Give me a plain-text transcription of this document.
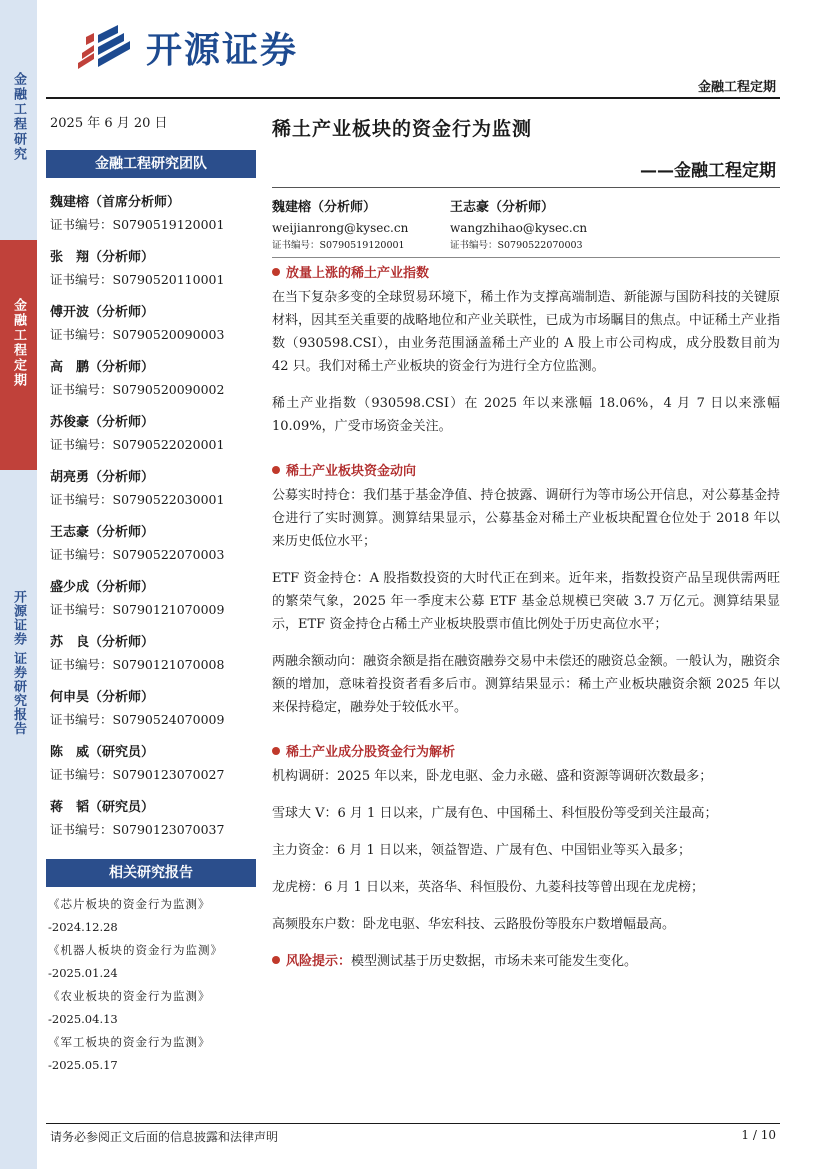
金融工程研究
金融工程定期
开源证券 证券研究报告
开源证券
金融工程定期
2025 年 6 月 20 日
金融工程研究团队
魏建榕（首席分析师）
证书编号：S0790519120001
张　翔（分析师）
证书编号：S0790520110001
傅开波（分析师）
证书编号：S0790520090003
高　鹏（分析师）
证书编号：S0790520090002
苏俊豪（分析师）
证书编号：S0790522020001
胡亮勇（分析师）
证书编号：S0790522030001
王志豪（分析师）
证书编号：S0790522070003
盛少成（分析师）
证书编号：S0790121070009
苏　良（分析师）
证书编号：S0790121070008
何申昊（分析师）
证书编号：S0790524070009
陈　威（研究员）
证书编号：S0790123070027
蒋　韬（研究员）
证书编号：S0790123070037
相关研究报告
《芯片板块的资金行为监测》
-2024.12.28
《机器人板块的资金行为监测》
-2025.01.24
《农业板块的资金行为监测》
-2025.04.13
《军工板块的资金行为监测》
-2025.05.17
稀土产业板块的资金行为监测
——金融工程定期
魏建榕（分析师）
weijianrong@kysec.cn
证书编号：S0790519120001
王志豪（分析师）
wangzhihao@kysec.cn
证书编号：S0790522070003
放量上涨的稀土产业指数

在当下复杂多变的全球贸易环境下，稀土作为支撑高端制造、新能源与国防科技的关键原材料，因其至关重要的战略地位和产业关联性，已成为市场瞩目的焦点。中证稀土产业指数（930598.CSI），由业务范围涵盖稀土产业的 A 股上市公司构成，成分股数目前为 42 只。我们对稀土产业板块的资金行为进行全方位监测。

稀土产业指数（930598.CSI）在 2025 年以来涨幅 18.06%，4 月 7 日以来涨幅 10.09%，广受市场资金关注。

稀土产业板块资金动向

公募实时持仓：我们基于基金净值、持仓披露、调研行为等市场公开信息，对公募基金持仓进行了实时测算。测算结果显示，公募基金对稀土产业板块配置仓位处于 2018 年以来历史低位水平；

ETF 资金持仓：A 股指数投资的大时代正在到来。近年来，指数投资产品呈现供需两旺的繁荣气象，2025 年一季度末公募 ETF 基金总规模已突破 3.7 万亿元。测算结果显示，ETF 资金持仓占稀土产业板块股票市值比例处于历史高位水平；

两融余额动向：融资余额是指在融资融券交易中未偿还的融资总金额。一般认为，融资余额的增加，意味着投资者看多后市。测算结果显示：稀土产业板块融资余额 2025 年以来保持稳定，融券处于较低水平。

稀土产业成分股资金行为解析

机构调研：2025 年以来，卧龙电驱、金力永磁、盛和资源等调研次数最多；

雪球大 V：6 月 1 日以来，广晟有色、中国稀土、科恒股份等受到关注最高；

主力资金：6 月 1 日以来，领益智造、广晟有色、中国铝业等买入最多；

龙虎榜：6 月 1 日以来，英洛华、科恒股份、九菱科技等曾出现在龙虎榜；

高频股东户数：卧龙电驱、华宏科技、云路股份等股东户数增幅最高。

风险提示：模型测试基于历史数据，市场未来可能发生变化。

请务必参阅正文后面的信息披露和法律声明	1 / 10
